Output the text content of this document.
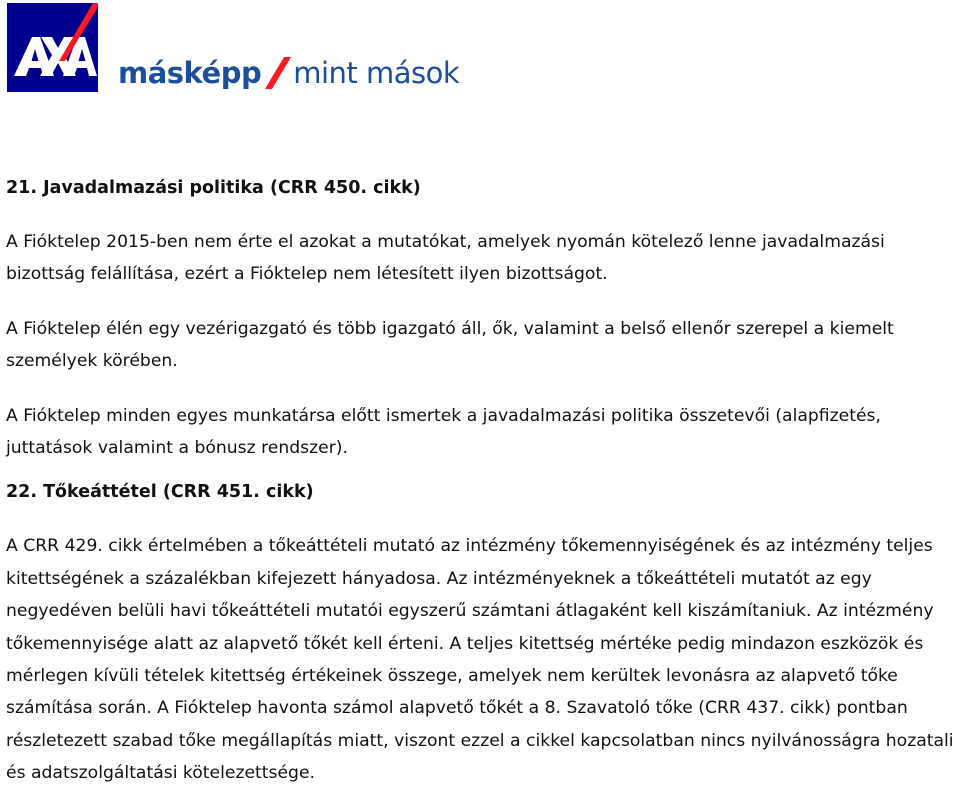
másképp mint mások
21. Javadalmazási politika (CRR 450. cikk)

A Fióktelep 2015-ben nem érte el azokat a mutatókat, amelyek nyomán kötelező lenne javadalmazási bizottság felállítása, ezért a Fióktelep nem létesített ilyen bizottságot.

A Fióktelep élén egy vezérigazgató és több igazgató áll, ők, valamint a belső ellenőr szerepel a kiemelt személyek körében.

A Fióktelep minden egyes munkatársa előtt ismertek a javadalmazási politika összetevői (alapfizetés, juttatások valamint a bónusz rendszer).

22. Tőkeáttétel (CRR 451. cikk)

A CRR 429. cikk értelmében a tőkeáttételi mutató az intézmény tőkemennyiségének és az intézmény teljes kitettségének a százalékban kifejezett hányadosa. Az intézményeknek a tőkeáttételi mutatót az egy negyedéven belüli havi tőkeáttételi mutatói egyszerű számtani átlagaként kell kiszámítaniuk. Az intézmény tőkemennyisége alatt az alapvető tőkét kell érteni. A teljes kitettség mértéke pedig mindazon eszközök és mérlegen kívüli tételek kitettség értékeinek összege, amelyek nem kerültek levonásra az alapvető tőke számítása során. A Fióktelep havonta számol alapvető tőkét a 8. Szavatoló tőke (CRR 437. cikk) pontban részletezett szabad tőke megállapítás miatt, viszont ezzel a cikkel kapcsolatban nincs nyilvánosságra hozatali és adatszolgáltatási kötelezettsége.
